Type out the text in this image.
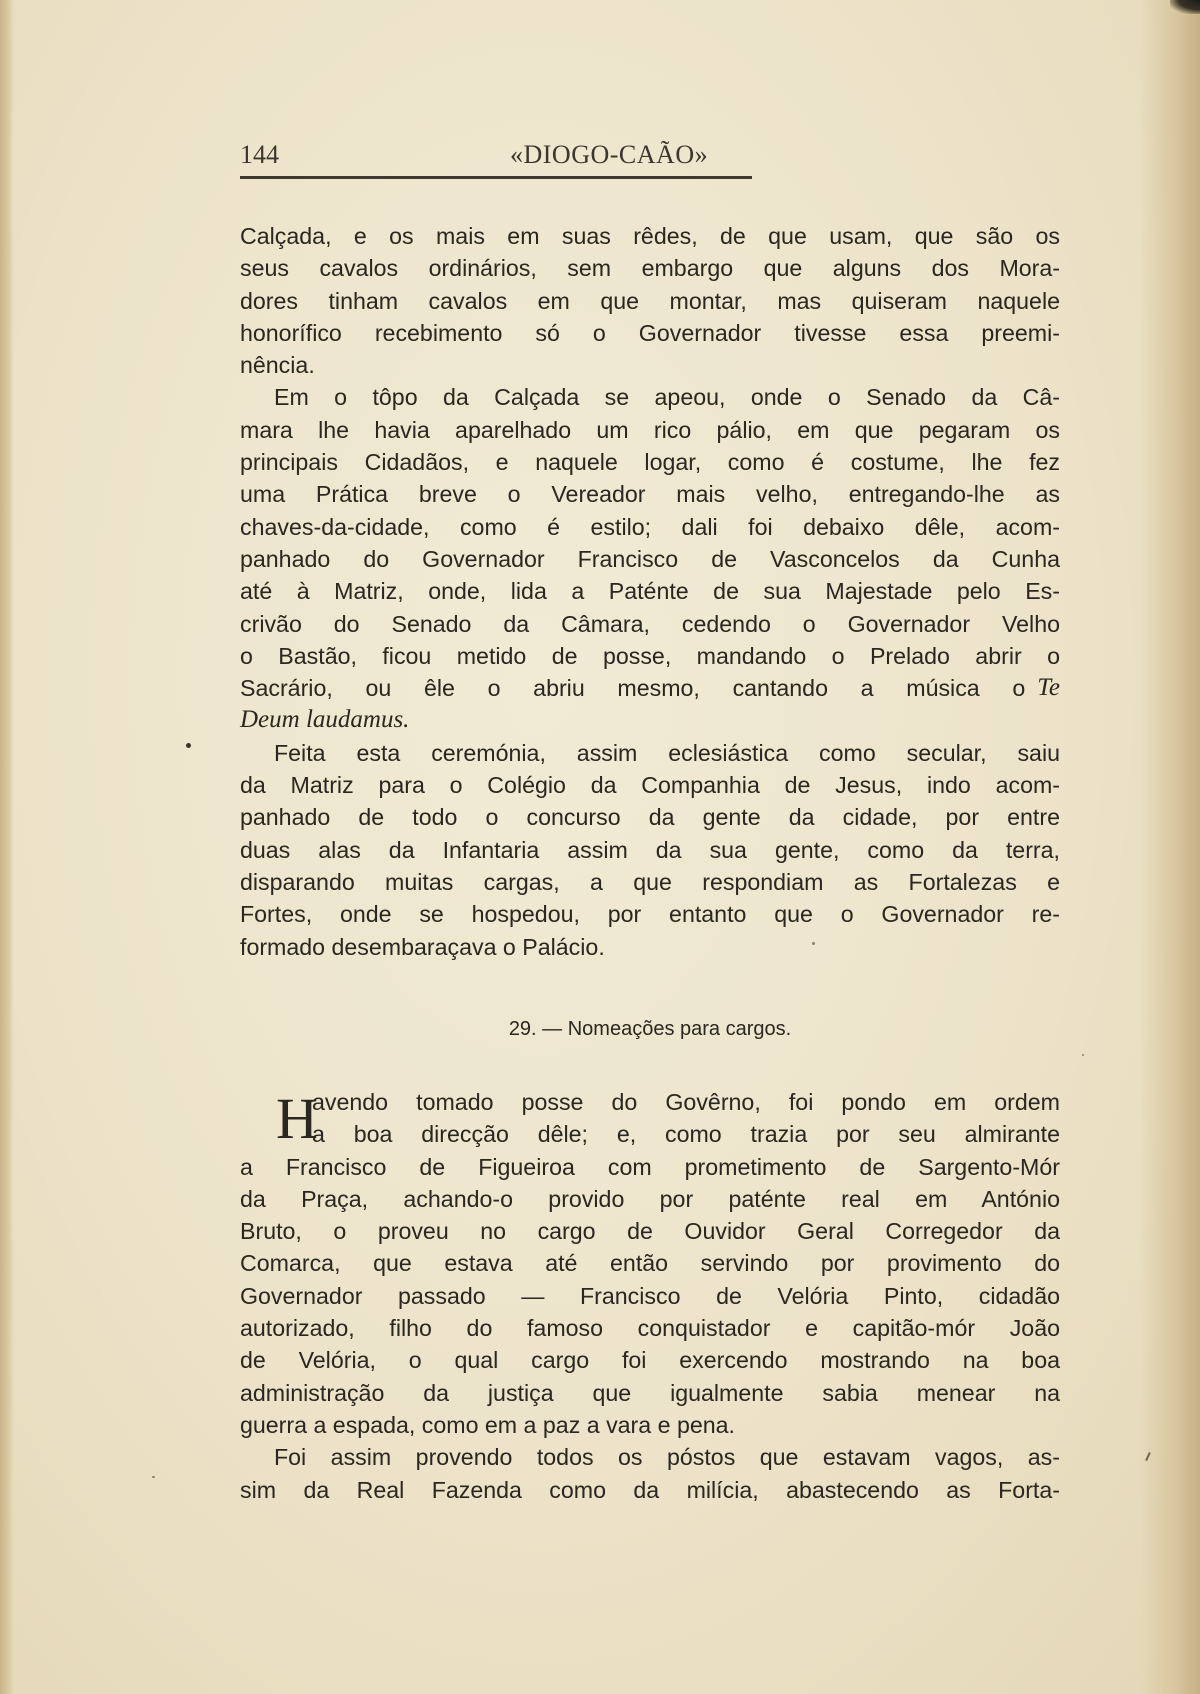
144	«DIOGO-CAÃO»
Calçada, e os mais em suas rêdes, de que usam, que são os
seus cavalos ordinários, sem embargo que alguns dos Mora-
dores tinham cavalos em que montar, mas quiseram naquele
honorífico recebimento só o Governador tivesse essa preemi-
nência.
Em o tôpo da Calçada se apeou, onde o Senado da Câ-
mara lhe havia aparelhado um rico pálio, em que pegaram os
principais Cidadãos, e naquele logar, como é costume, lhe fez
uma Prática breve o Vereador mais velho, entregando-lhe as
chaves-da-cidade, como é estilo; dali foi debaixo dêle, acom-
panhado do Governador Francisco de Vasconcelos da Cunha
até à Matriz, onde, lida a Paténte de sua Majestade pelo Es-
crivão do Senado da Câmara, cedendo o Governador Velho
o Bastão, ficou metido de posse, mandando o Prelado abrir o
Sacrário, ou êle o abriu mesmo, cantando a música o Te
Deum laudamus.
Feita esta ceremónia, assim eclesiástica como secular, saiu
da Matriz para o Colégio da Companhia de Jesus, indo acom-
panhado de todo o concurso da gente da cidade, por entre
duas alas da Infantaria assim da sua gente, como da terra,
disparando muitas cargas, a que respondiam as Fortalezas e
Fortes, onde se hospedou, por entanto que o Governador re-
formado desembaraçava o Palácio.
29. — Nomeações para cargos.
H
avendo tomado posse do Govêrno, foi pondo em ordem
a boa direcção dêle; e, como trazia por seu almirante
a Francisco de Figueiroa com prometimento de Sargento-Mór
da Praça, achando-o provido por paténte real em António
Bruto, o proveu no cargo de Ouvidor Geral Corregedor da
Comarca, que estava até então servindo por provimento do
Governador passado — Francisco de Velória Pinto, cidadão
autorizado, filho do famoso conquistador e capitão-mór João
de Velória, o qual cargo foi exercendo mostrando na boa
administração da justiça que igualmente sabia menear na
guerra a espada, como em a paz a vara e pena.
Foi assim provendo todos os póstos que estavam vagos, as-
sim da Real Fazenda como da milícia, abastecendo as Forta-
